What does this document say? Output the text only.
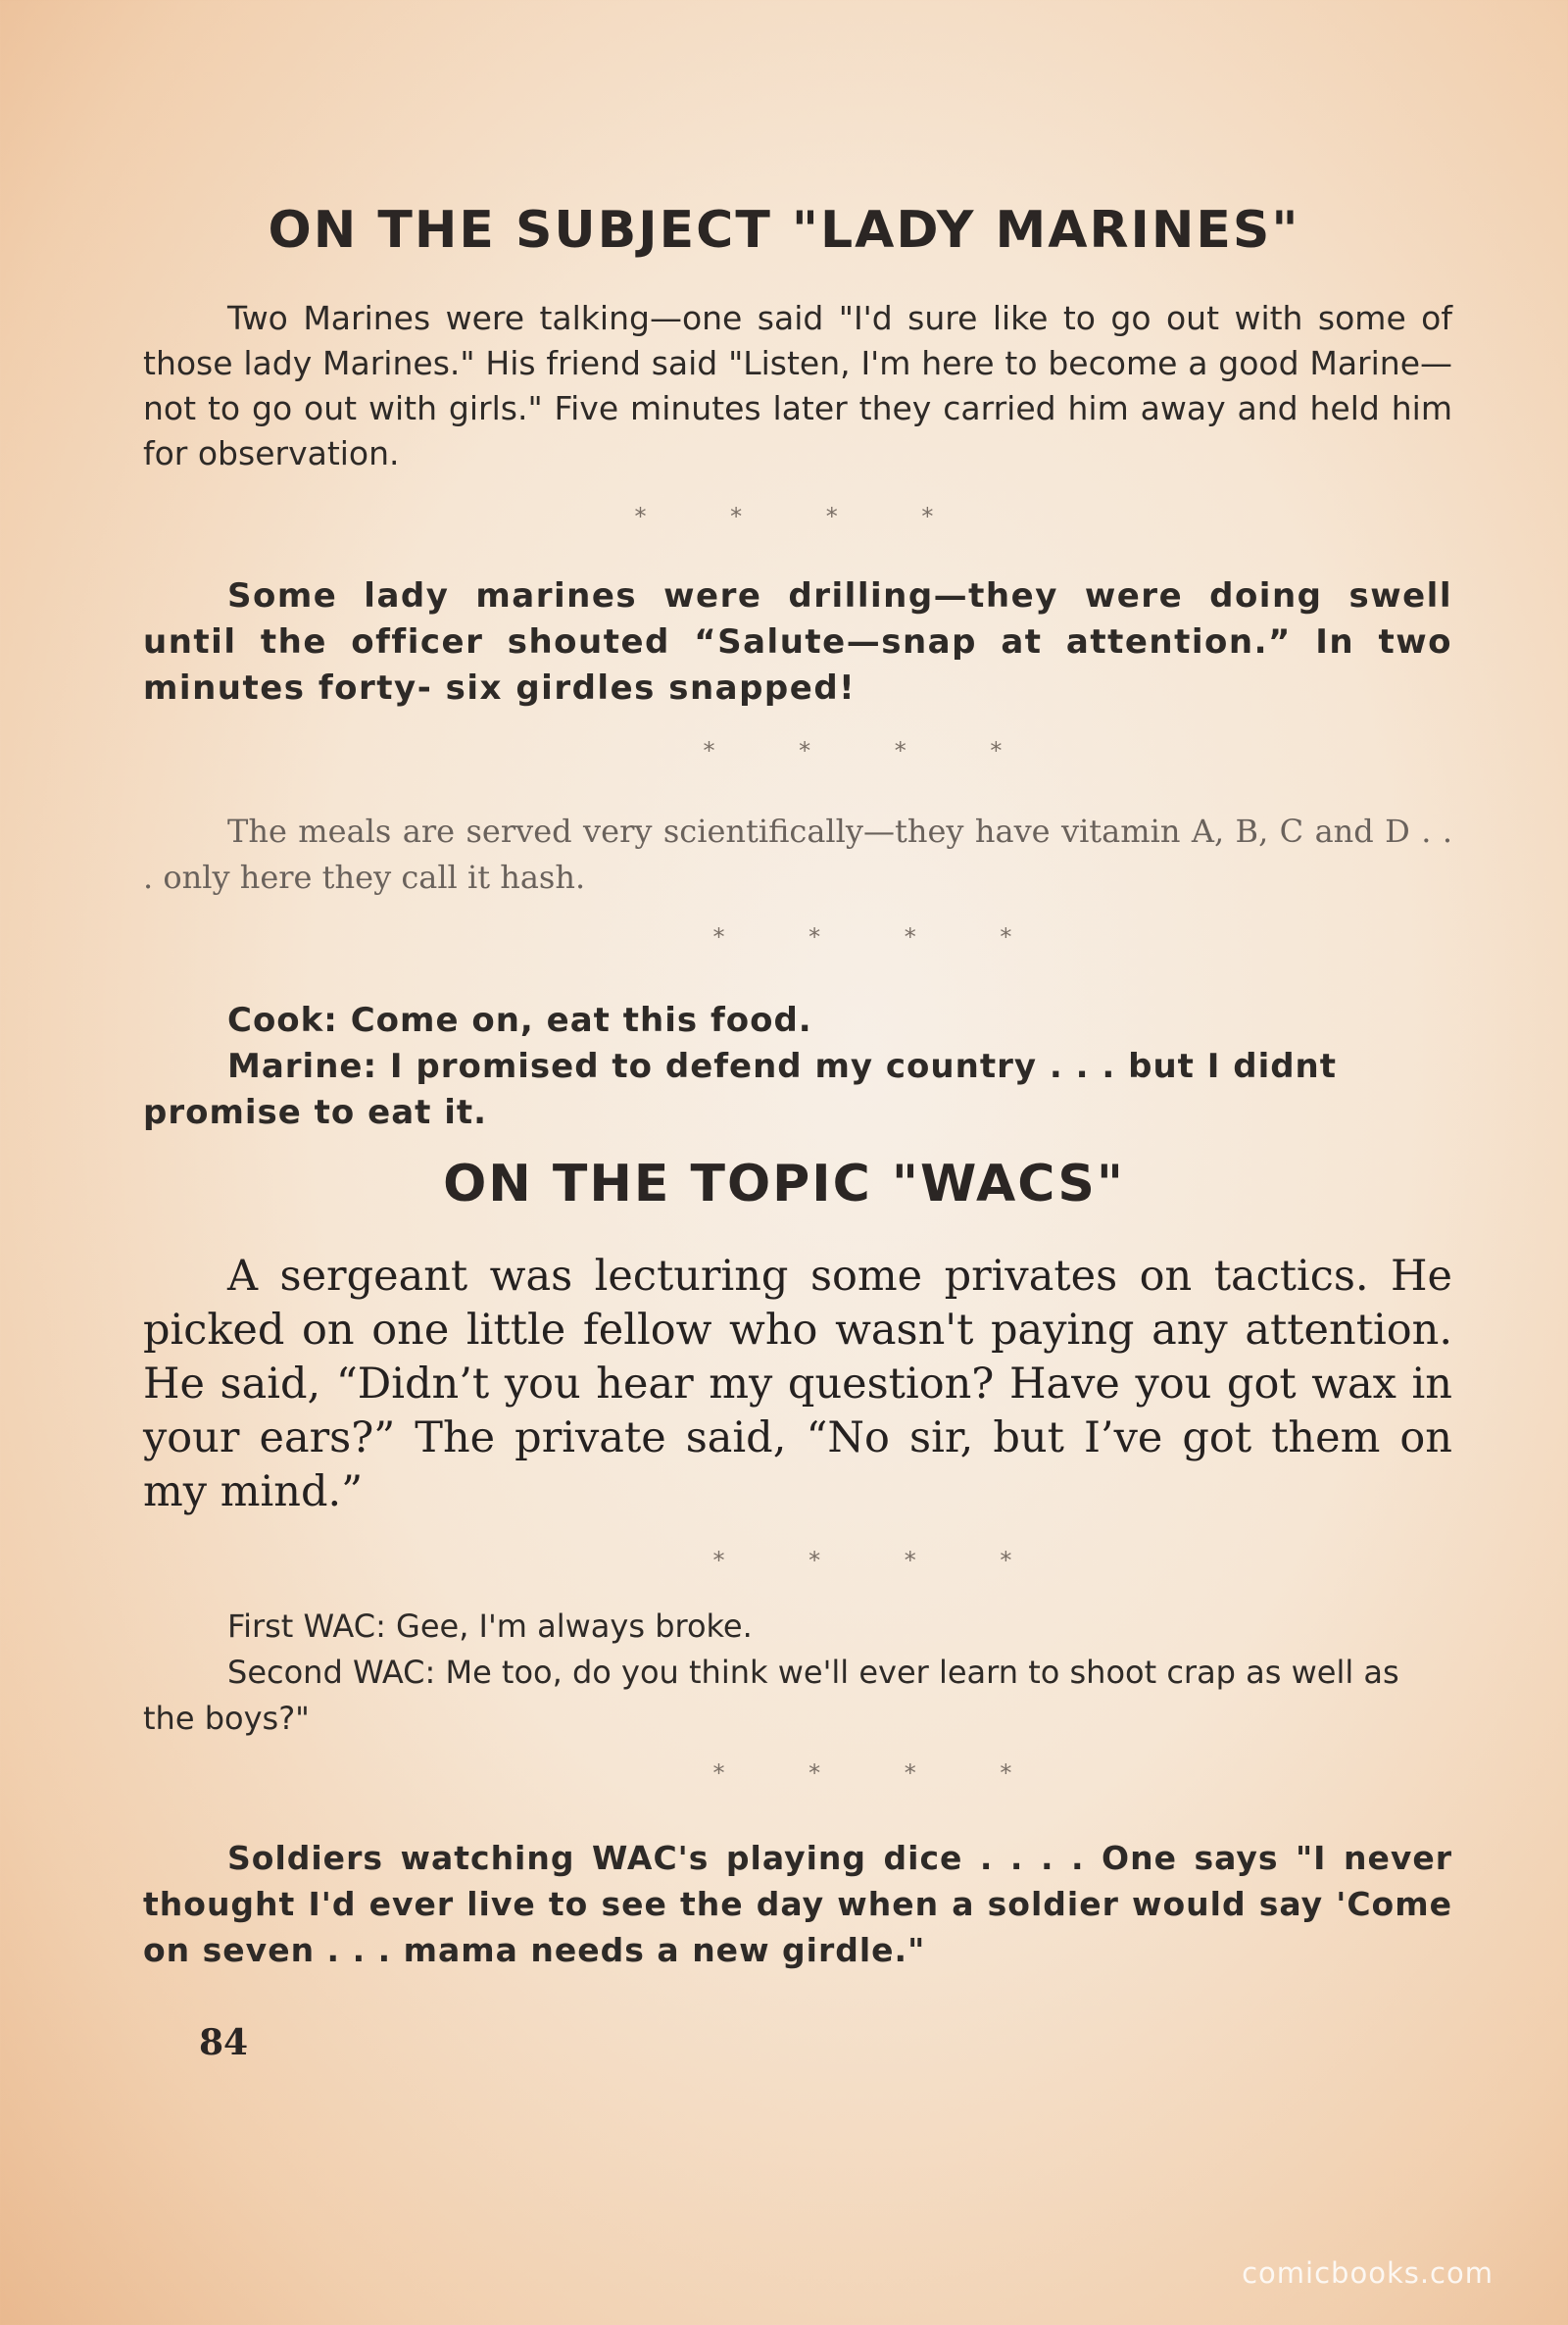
ON THE SUBJECT "LADY MARINES"

Two Marines were talking—one said "I'd sure like to go out with some of those lady Marines." His friend said "Listen, I'm here to become a good Marine—not to go out with girls." Five minutes later they carried him away and held him for observation.

* * * *

Some lady marines were drilling—they were doing swell until the officer shouted “Salute—snap at attention.” In two minutes forty- six girdles snapped!

* * * *

The meals are served very scientifically—they have vitamin A, B, C and D . . . only here they call it hash.

* * * *

Cook: Come on, eat this food.

Marine: I promised to defend my country . . . but I didnt promise to eat it.

ON THE TOPIC "WACS"

A sergeant was lecturing some privates on tactics. He picked on one little fellow who wasn't paying any attention. He said, “Didn’t you hear my question? Have you got wax in your ears?” The private said, “No sir, but I’ve got them on my mind.”

* * * *

First WAC: Gee, I'm always broke.

Second WAC: Me too, do you think we'll ever learn to shoot crap as well as the boys?"

* * * *

Soldiers watching WAC's playing dice . . . . One says "I never thought I'd ever live to see the day when a soldier would say 'Come on seven . . . mama needs a new girdle."

84

comicbooks.com
